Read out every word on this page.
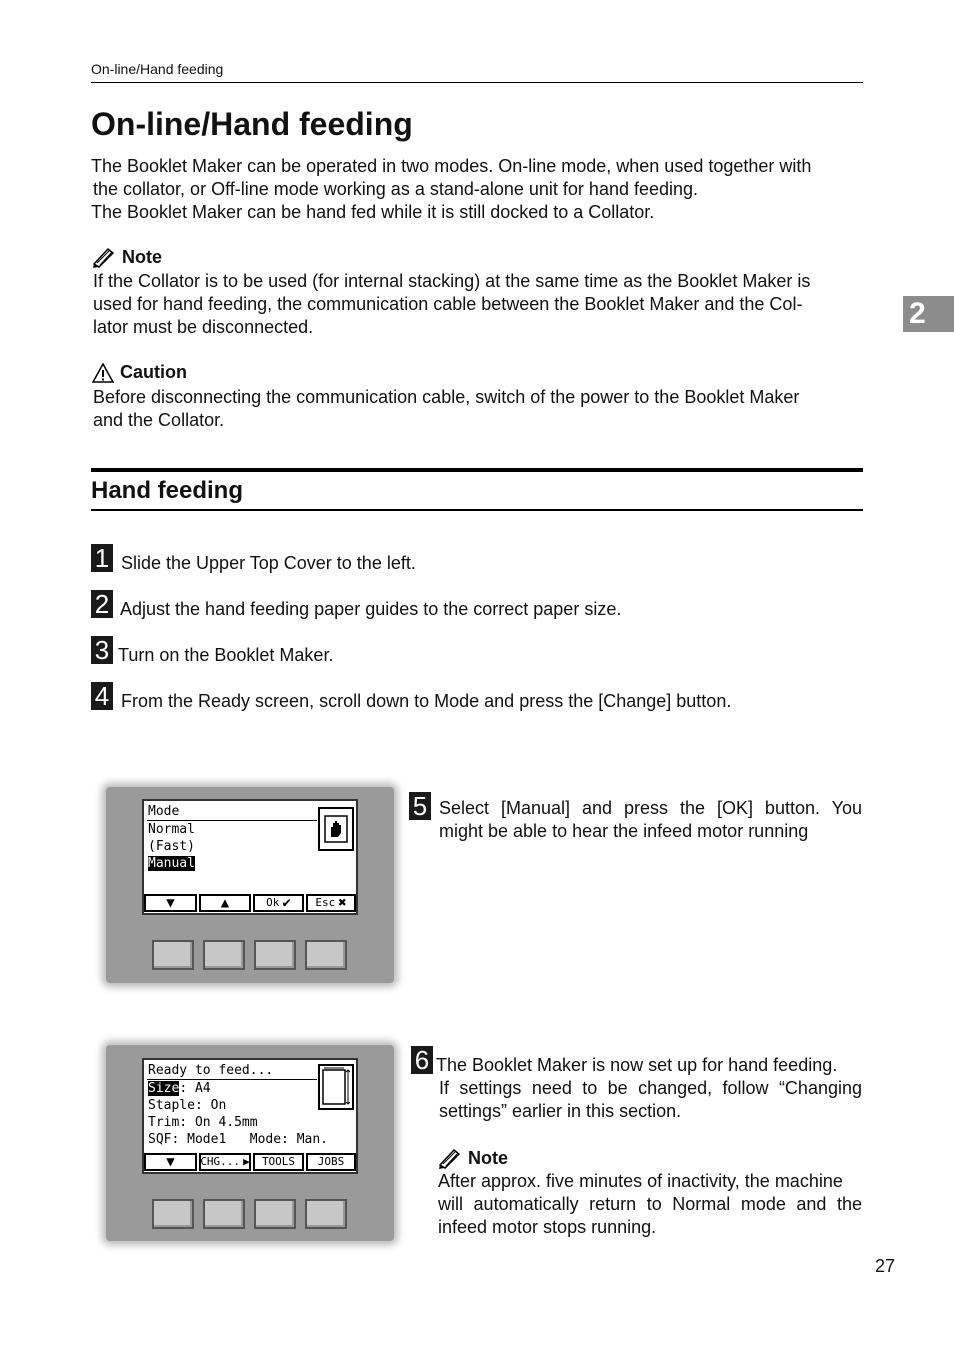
On-line/Hand feeding
On-line/Hand feeding
The Booklet Maker can be operated in two modes. On-line mode, when used together with
the collator, or Off-line mode working as a stand-alone unit for hand feeding.
The Booklet Maker can be hand fed while it is still docked to a Collator.
Note
If the Collator is to be used (for internal stacking) at the same time as the Booklet Maker is
used for hand feeding, the communication cable between the Booklet Maker and the Col-
lator must be disconnected.
Caution
Before disconnecting the communication cable, switch of the power to the Booklet Maker
and the Collator.
2
Hand feeding
1 Slide the Upper Top Cover to the left.
2 Adjust the hand feeding paper guides to the correct paper size.
3 Turn on the Booklet Maker.
4 From the Ready screen, scroll down to Mode and press the [Change] button.
Mode
Normal
(Fast)
Manual
▼	▲	Ok ✔ Esc ✖
5 Select [Manual] and press the [OK] button. You
might be able to hear the infeed motor running
Ready to feed...
Size: A4
Staple: On
Trim: On 4.5mm
SQF: Mode1   Mode: Man.
▼ CHG... ▶ TOOLS JOBS
6 The Booklet Maker is now set up for hand feeding.
If settings need to be changed, follow “Changing
settings” earlier in this section.
Note
After approx. five minutes of inactivity, the machine
will automatically return to Normal mode and the
infeed motor stops running.
27
